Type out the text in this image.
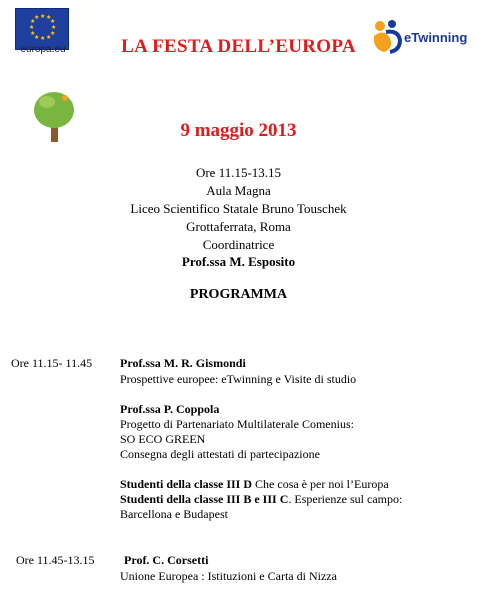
★ ★
★
★
★
★
★
★
★
★
★
★
europa.eu	LA FESTA DELL’EUROPA	eTwinning
9 maggio 2013
Ore 11.15-13.15
Aula Magna
Liceo Scientifico Statale Bruno Touschek
Grottaferrata, Roma
Coordinatrice
Prof.ssa M. Esposito
PROGRAMMA
Ore 11.15- 11.45 Prof.ssa M. R. Gismondi
Prospettive europee: eTwinning e Visite di studio
Prof.ssa P. Coppola
Progetto di Partenariato Multilaterale Comenius:
SO ECO GREEN
Consegna degli attestati di partecipazione
Studenti della classe III D Che cosa è per noi l’Europa
Studenti della classe III B e III C. Esperienze sul campo:
Barcellona e Budapest
Ore 11.45-13.15 Prof. C. Corsetti
Unione Europea : Istituzioni e Carta di Nizza
